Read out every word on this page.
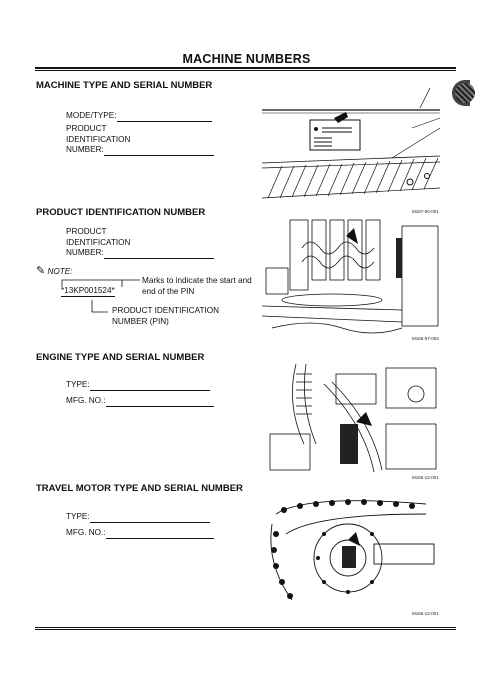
MACHINE NUMBERS
MACHINE TYPE AND SERIAL NUMBER
MODE/TYPE:
PRODUCT
IDENTIFICATION
NUMBER:
M157-00-001
PRODUCT IDENTIFICATION NUMBER
PRODUCT
IDENTIFICATION
NUMBER:
✎ NOTE:
*13KP001524*
Marks to indicate the start and
end of the PIN
PRODUCT IDENTIFICATION
NUMBER (PIN)
M165-07-004
ENGINE TYPE AND SERIAL NUMBER
TYPE:
MFG. NO.:
M155-12-001
TRAVEL MOTOR TYPE AND SERIAL NUMBER
TYPE:
MFG. NO.:
M165-12-001
